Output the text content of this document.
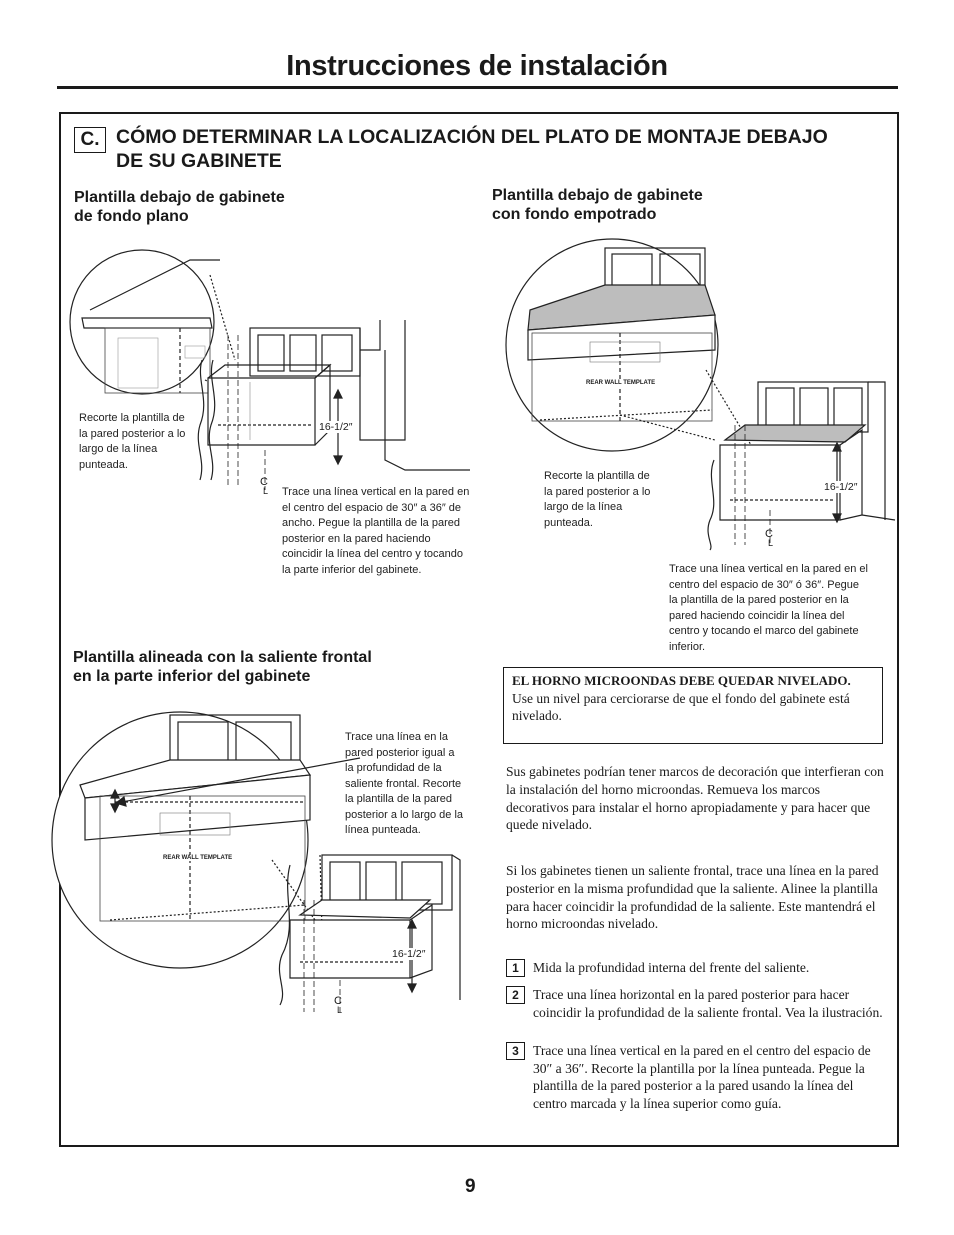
Instrucciones de instalación
C. CÓMO DETERMINAR LA LOCALIZACIÓN DEL PLATO DE MONTAJE DEBAJO DE SU GABINETE
Plantilla debajo de gabinete
de fondo plano
Plantilla debajo de gabinete
con fondo empotrado
Plantilla alineada con la saliente frontal
en la parte inferior del gabinete
16-1/2″
C
L
Recorte la plantilla de la pared posterior a lo largo de la línea punteada.
Trace una línea vertical en la pared en el centro del espacio de 30″ a 36″ de ancho. Pegue la plantilla de la pared posterior en la pared haciendo coincidir la línea del centro y tocando la parte inferior del gabinete.
REAR WALL TEMPLATE
16-1/2″
C
L
Recorte la plantilla de la pared posterior a lo largo de la línea punteada.
Trace una línea vertical en la pared en el centro del espacio de 30″ ó 36″. Pegue la plantilla de la pared posterior en la pared haciendo coincidir la línea del centro y tocando el marco del gabinete inferior.
REAR WALL TEMPLATE
16-1/2″
C
L
Trace una línea en la pared posterior igual a la profundidad de la saliente frontal. Recorte la plantilla de la pared posterior a lo largo de la línea punteada.
EL HORNO MICROONDAS DEBE QUEDAR NIVELADO.
Use un nivel para cerciorarse de que el fondo del gabinete está nivelado.
Sus gabinetes podrían tener marcos de decoración que interfieran con la instalación del horno microondas. Remueva los marcos decorativos para instalar el horno apropiadamente y para hacer que quede nivelado.
Si los gabinetes tienen un saliente frontal, trace una línea en la pared posterior en la misma profundidad que la saliente. Alinee la plantilla para hacer coincidir la profundidad de la saliente. Este mantendrá el horno microondas nivelado.
1	Mida la profundidad interna del frente del saliente.
2	Trace una línea horizontal en la pared posterior para hacer coincidir la profundidad de la saliente frontal. Vea la ilustración.
3	Trace una línea vertical en la pared en el centro del espacio de 30″ a 36″. Recorte la plantilla por la línea punteada. Pegue la plantilla de la pared posterior a la pared usando la línea del centro marcada y la línea superior como guía.
9
